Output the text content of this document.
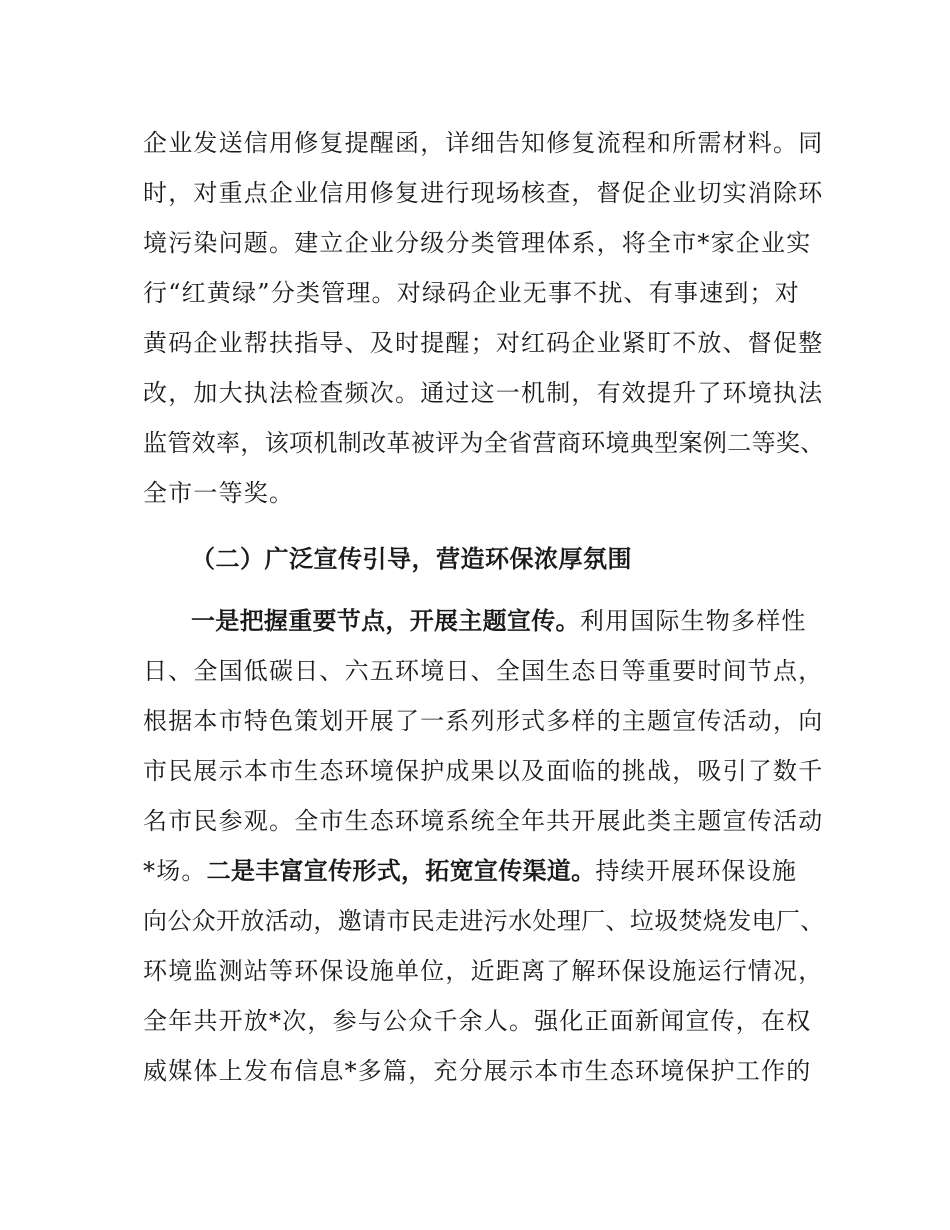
企业发送信用修复提醒函，详细告知修复流程和所需材料。同
时，对重点企业信用修复进行现场核查，督促企业切实消除环
境污染问题。建立企业分级分类管理体系，将全市*家企业实
行“红黄绿”分类管理。对绿码企业无事不扰、有事速到；对
黄码企业帮扶指导、及时提醒；对红码企业紧盯不放、督促整
改，加大执法检查频次。通过这一机制，有效提升了环境执法
监管效率，该项机制改革被评为全省营商环境典型案例二等奖、
全市一等奖。
（二）广泛宣传引导，营造环保浓厚氛围
一是把握重要节点，开展主题宣传。利用国际生物多样性
日、全国低碳日、六五环境日、全国生态日等重要时间节点，
根据本市特色策划开展了一系列形式多样的主题宣传活动，向
市民展示本市生态环境保护成果以及面临的挑战，吸引了数千
名市民参观。全市生态环境系统全年共开展此类主题宣传活动
*场。二是丰富宣传形式，拓宽宣传渠道。持续开展环保设施
向公众开放活动，邀请市民走进污水处理厂、垃圾焚烧发电厂、
环境监测站等环保设施单位，近距离了解环保设施运行情况，
全年共开放*次，参与公众千余人。强化正面新闻宣传，在权
威媒体上发布信息*多篇，充分展示本市生态环境保护工作的
